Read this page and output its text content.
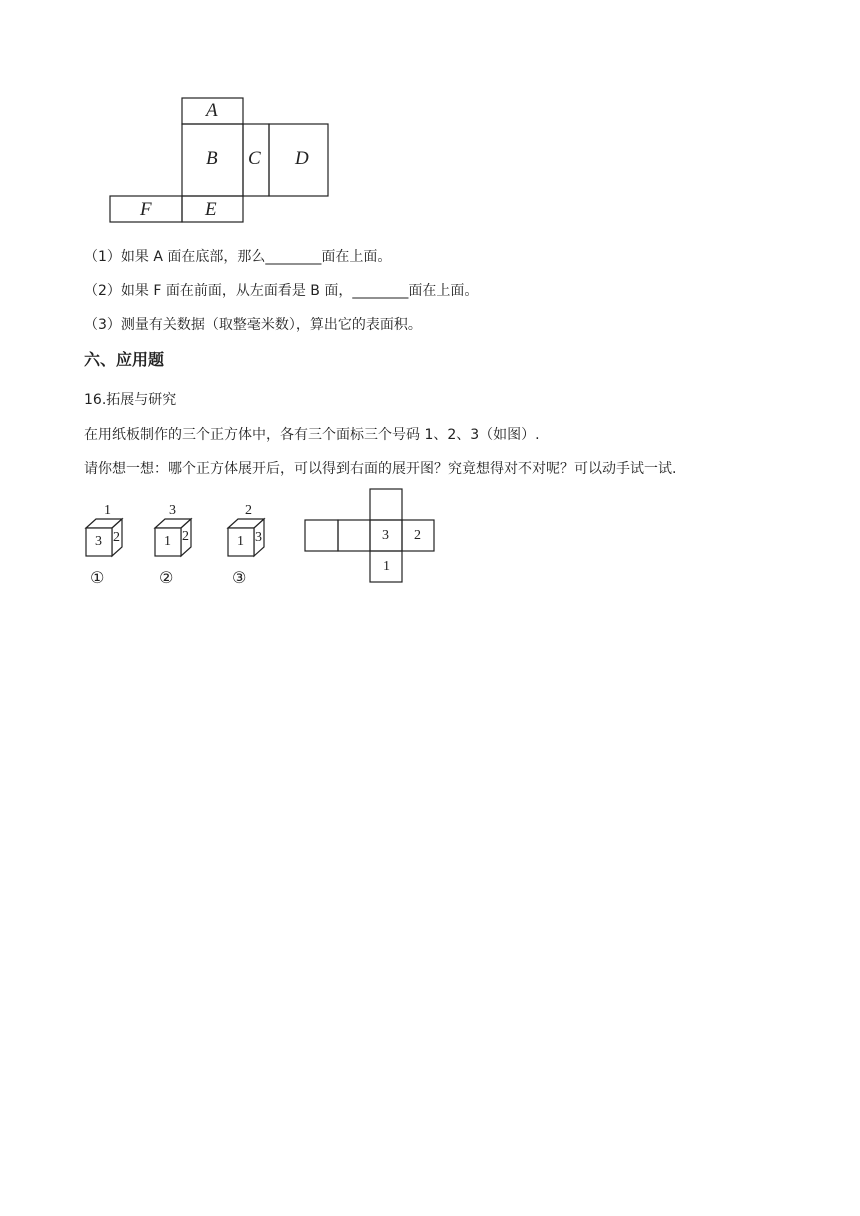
A
B C D
E
F
（1）如果 A 面在底部，那么________面在上面。
（2）如果 F 面在前面，从左面看是 B 面，________面在上面。
（3）测量有关数据（取整毫米数），算出它的表面积。
六、应用题
16.拓展与研究
在用纸板制作的三个正方体中，各有三个面标三个号码 1、2、3（如图）.
请你想一想：哪个正方体展开后，可以得到右面的展开图？究竟想得对不对呢？可以动手试一试.
1
3 2
①
3
1 2
②
2
1 3
③
3 2
1
